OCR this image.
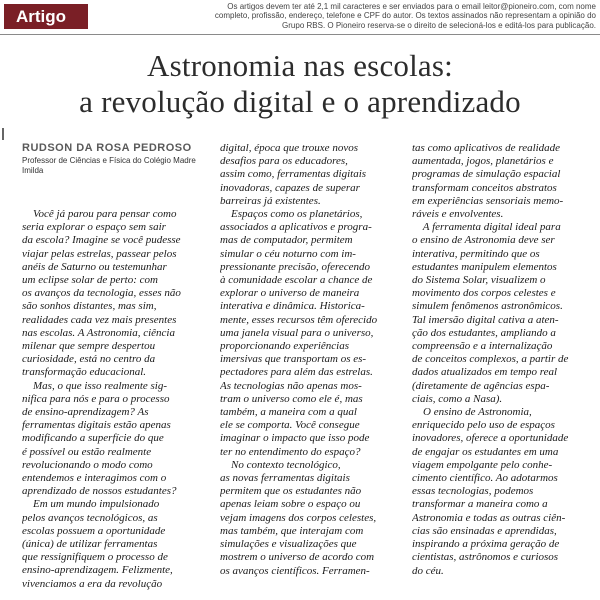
Artigo
Os artigos devem ter até 2,1 mil caracteres e ser enviados para o email leitor@pioneiro.com, com nome
completo, profissão, endereço, telefone e CPF do autor. Os textos assinados não representam a opinião do
Grupo RBS. O Pioneiro reserva-se o direito de selecioná-los e editá-los para publicação.
Astronomia nas escolas:
a revolução digital e o aprendizado
RUDSON DA ROSA PEDROSO
Professor de Ciências e Física do Colégio Madre
Imilda
Você já parou para pensar como
seria explorar o espaço sem sair
da escola? Imagine se você pudesse
viajar pelas estrelas, passear pelos
anéis de Saturno ou testemunhar
um eclipse solar de perto: com
os avanços da tecnologia, esses não
são sonhos distantes, mas sim,
realidades cada vez mais presentes
nas escolas. A Astronomia, ciência
milenar que sempre despertou
curiosidade, está no centro da
transformação educacional.
Mas, o que isso realmente sig-
nifica para nós e para o processo
de ensino-aprendizagem? As
ferramentas digitais estão apenas
modificando a superfície do que
é possível ou estão realmente
revolucionando o modo como
entendemos e interagimos com o
aprendizado de nossos estudantes?
Em um mundo impulsionado
pelos avanços tecnológicos, as
escolas possuem a oportunidade
(única) de utilizar ferramentas
que ressignifiquem o processo de
ensino-aprendizagem. Felizmente,
vivenciamos a era da revolução
digital, época que trouxe novos
desafios para os educadores,
assim como, ferramentas digitais
inovadoras, capazes de superar
barreiras já existentes.
Espaços como os planetários,
associados a aplicativos e progra-
mas de computador, permitem
simular o céu noturno com im-
pressionante precisão, oferecendo
à comunidade escolar a chance de
explorar o universo de maneira
interativa e dinâmica. Historica-
mente, esses recursos têm oferecido
uma janela visual para o universo,
proporcionando experiências
imersivas que transportam os es-
pectadores para além das estrelas.
As tecnologias não apenas mos-
tram o universo como ele é, mas
também, a maneira com a qual
ele se comporta. Você consegue
imaginar o impacto que isso pode
ter no entendimento do espaço?
No contexto tecnológico,
as novas ferramentas digitais
permitem que os estudantes não
apenas leiam sobre o espaço ou
vejam imagens dos corpos celestes,
mas também, que interajam com
simulações e visualizações que
mostrem o universo de acordo com
os avanços científicos. Ferramen-
tas como aplicativos de realidade
aumentada, jogos, planetários e
programas de simulação espacial
transformam conceitos abstratos
em experiências sensoriais memo-
ráveis e envolventes.
A ferramenta digital ideal para
o ensino de Astronomia deve ser
interativa, permitindo que os
estudantes manipulem elementos
do Sistema Solar, visualizem o
movimento dos corpos celestes e
simulem fenômenos astronômicos.
Tal imersão digital cativa a aten-
ção dos estudantes, ampliando a
compreensão e a internalização
de conceitos complexos, a partir de
dados atualizados em tempo real
(diretamente de agências espa-
ciais, como a Nasa).
O ensino de Astronomia,
enriquecido pelo uso de espaços
inovadores, oferece a oportunidade
de engajar os estudantes em uma
viagem empolgante pelo conhe-
cimento científico. Ao adotarmos
essas tecnologias, podemos
transformar a maneira como a
Astronomia e todas as outras ciên-
cias são ensinadas e aprendidas,
inspirando a próxima geração de
cientistas, astrônomos e curiosos
do céu.
